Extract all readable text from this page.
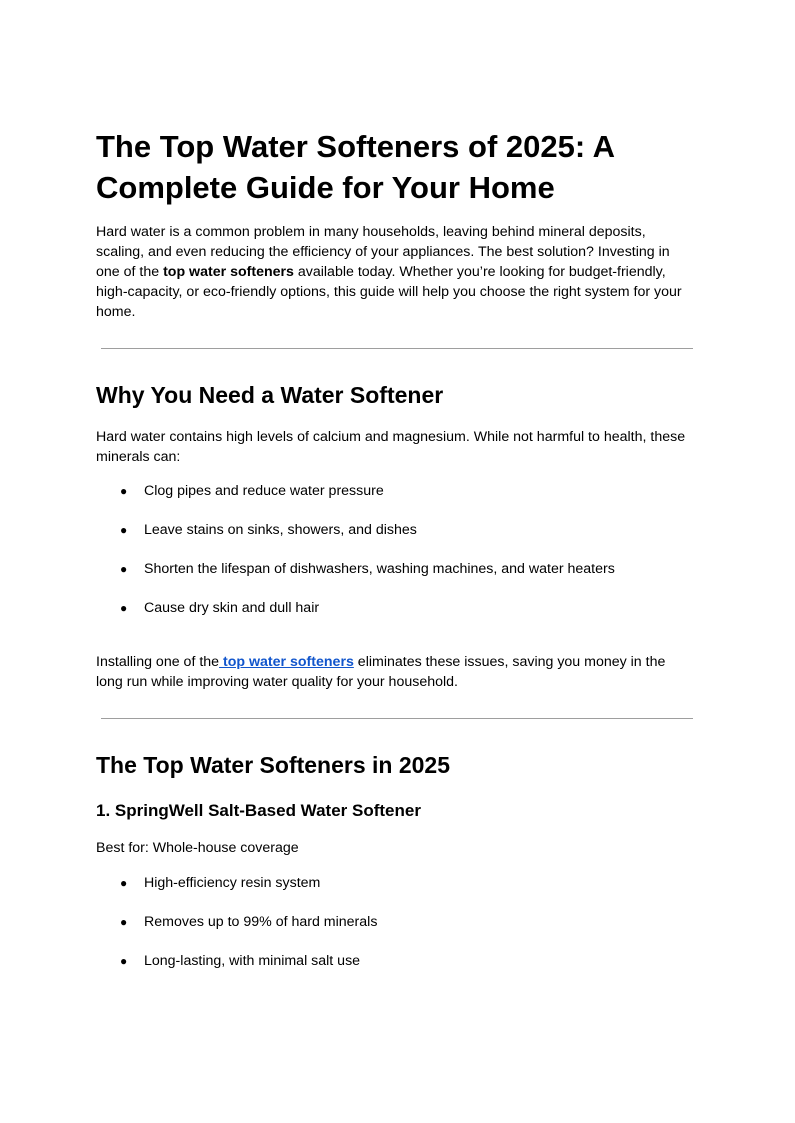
The Top Water Softeners of 2025: A Complete Guide for Your Home

Hard water is a common problem in many households, leaving behind mineral deposits, scaling, and even reducing the efficiency of your appliances. The best solution? Investing in one of the top water softeners available today. Whether you’re looking for budget-friendly, high-capacity, or eco-friendly options, this guide will help you choose the right system for your home.

Why You Need a Water Softener

Hard water contains high levels of calcium and magnesium. While not harmful to health, these minerals can:

● Clog pipes and reduce water pressure
● Leave stains on sinks, showers, and dishes
● Shorten the lifespan of dishwashers, washing machines, and water heaters
● Cause dry skin and dull hair

Installing one of the top water softeners eliminates these issues, saving you money in the long run while improving water quality for your household.

The Top Water Softeners in 2025
1. SpringWell Salt-Based Water Softener

Best for: Whole-house coverage

● High-efficiency resin system
● Removes up to 99% of hard minerals
● Long-lasting, with minimal salt use
